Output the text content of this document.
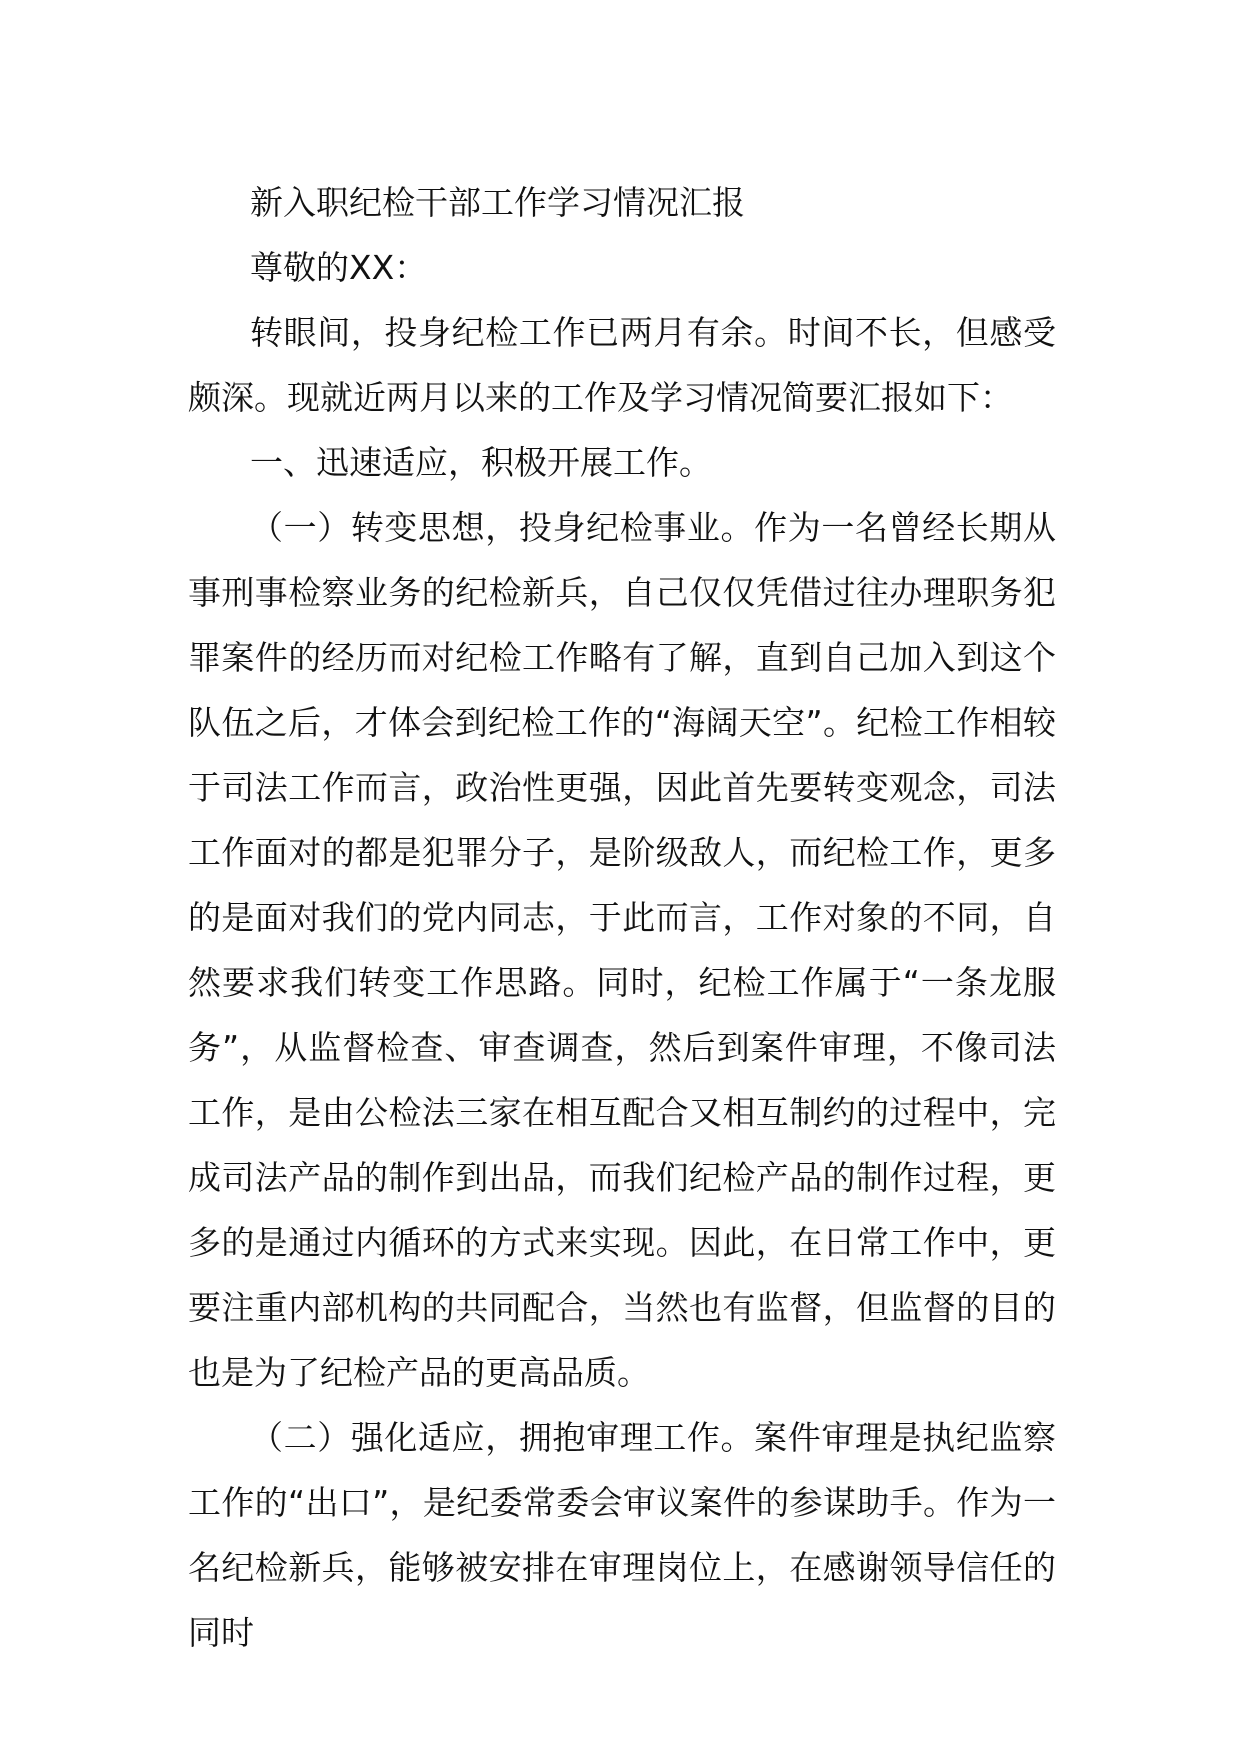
新入职纪检干部工作学习情况汇报

尊敬的XX：

转眼间，投身纪检工作已两月有余。时间不长，但感受颇深。现就近两月以来的工作及学习情况简要汇报如下：

一、迅速适应，积极开展工作。

（一）转变思想，投身纪检事业。作为一名曾经长期从事刑事检察业务的纪检新兵，自己仅仅凭借过往办理职务犯罪案件的经历而对纪检工作略有了解，直到自己加入到这个队伍之后，才体会到纪检工作的“海阔天空”。纪检工作相较于司法工作而言，政治性更强，因此首先要转变观念，司法工作面对的都是犯罪分子，是阶级敌人，而纪检工作，更多的是面对我们的党内同志，于此而言，工作对象的不同，自然要求我们转变工作思路。同时，纪检工作属于“一条龙服务”，从监督检查、审查调查，然后到案件审理，不像司法工作，是由公检法三家在相互配合又相互制约的过程中，完成司法产品的制作到出品，而我们纪检产品的制作过程，更多的是通过内循环的方式来实现。因此，在日常工作中，更要注重内部机构的共同配合，当然也有监督，但监督的目的也是为了纪检产品的更高品质。

（二）强化适应，拥抱审理工作。案件审理是执纪监察工作的“出口”，是纪委常委会审议案件的参谋助手。作为一名纪检新兵，能够被安排在审理岗位上，在感谢领导信任的同时
